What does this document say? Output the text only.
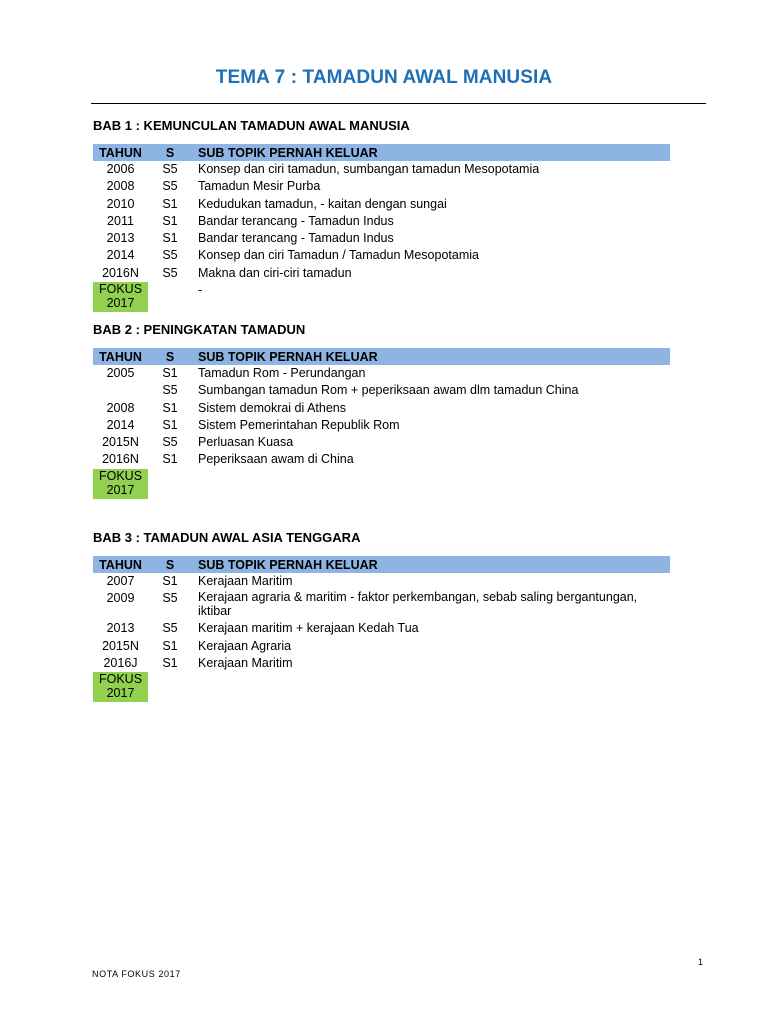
TEMA 7 : TAMADUN AWAL MANUSIA
BAB 1 : KEMUNCULAN TAMADUN AWAL MANUSIA
TAHUN	S	SUB TOPIK PERNAH KELUAR
2006	S5	Konsep dan ciri tamadun, sumbangan tamadun Mesopotamia
2008	S5	Tamadun Mesir Purba
2010	S1	Kedudukan tamadun, - kaitan dengan sungai
2011	S1	Bandar terancang - Tamadun Indus
2013	S1	Bandar terancang - Tamadun Indus
2014	S5	Konsep dan ciri Tamadun / Tamadun Mesopotamia
2016N	S5	Makna dan ciri-ciri tamadun
FOKUS
2017		-
BAB 2 : PENINGKATAN TAMADUN
TAHUN	S	SUB TOPIK PERNAH KELUAR
2005	S1	Tamadun Rom - Perundangan
	S5	Sumbangan tamadun Rom + peperiksaan awam dlm tamadun China
2008	S1	Sistem demokrai di Athens
2014	S1	Sistem Pemerintahan Republik Rom
2015N	S5	Perluasan Kuasa
2016N	S1	Peperiksaan awam di China
FOKUS
2017		
BAB 3 : TAMADUN AWAL ASIA TENGGARA
TAHUN	S	SUB TOPIK PERNAH KELUAR
2007	S1	Kerajaan Maritim
2009	S5	Kerajaan agraria & maritim - faktor perkembangan, sebab saling bergantungan, iktibar
2013	S5	Kerajaan maritim + kerajaan Kedah Tua
2015N	S1	Kerajaan Agraria
2016J	S1	Kerajaan Maritim
FOKUS
2017		
1
NOTA FOKUS 2017
